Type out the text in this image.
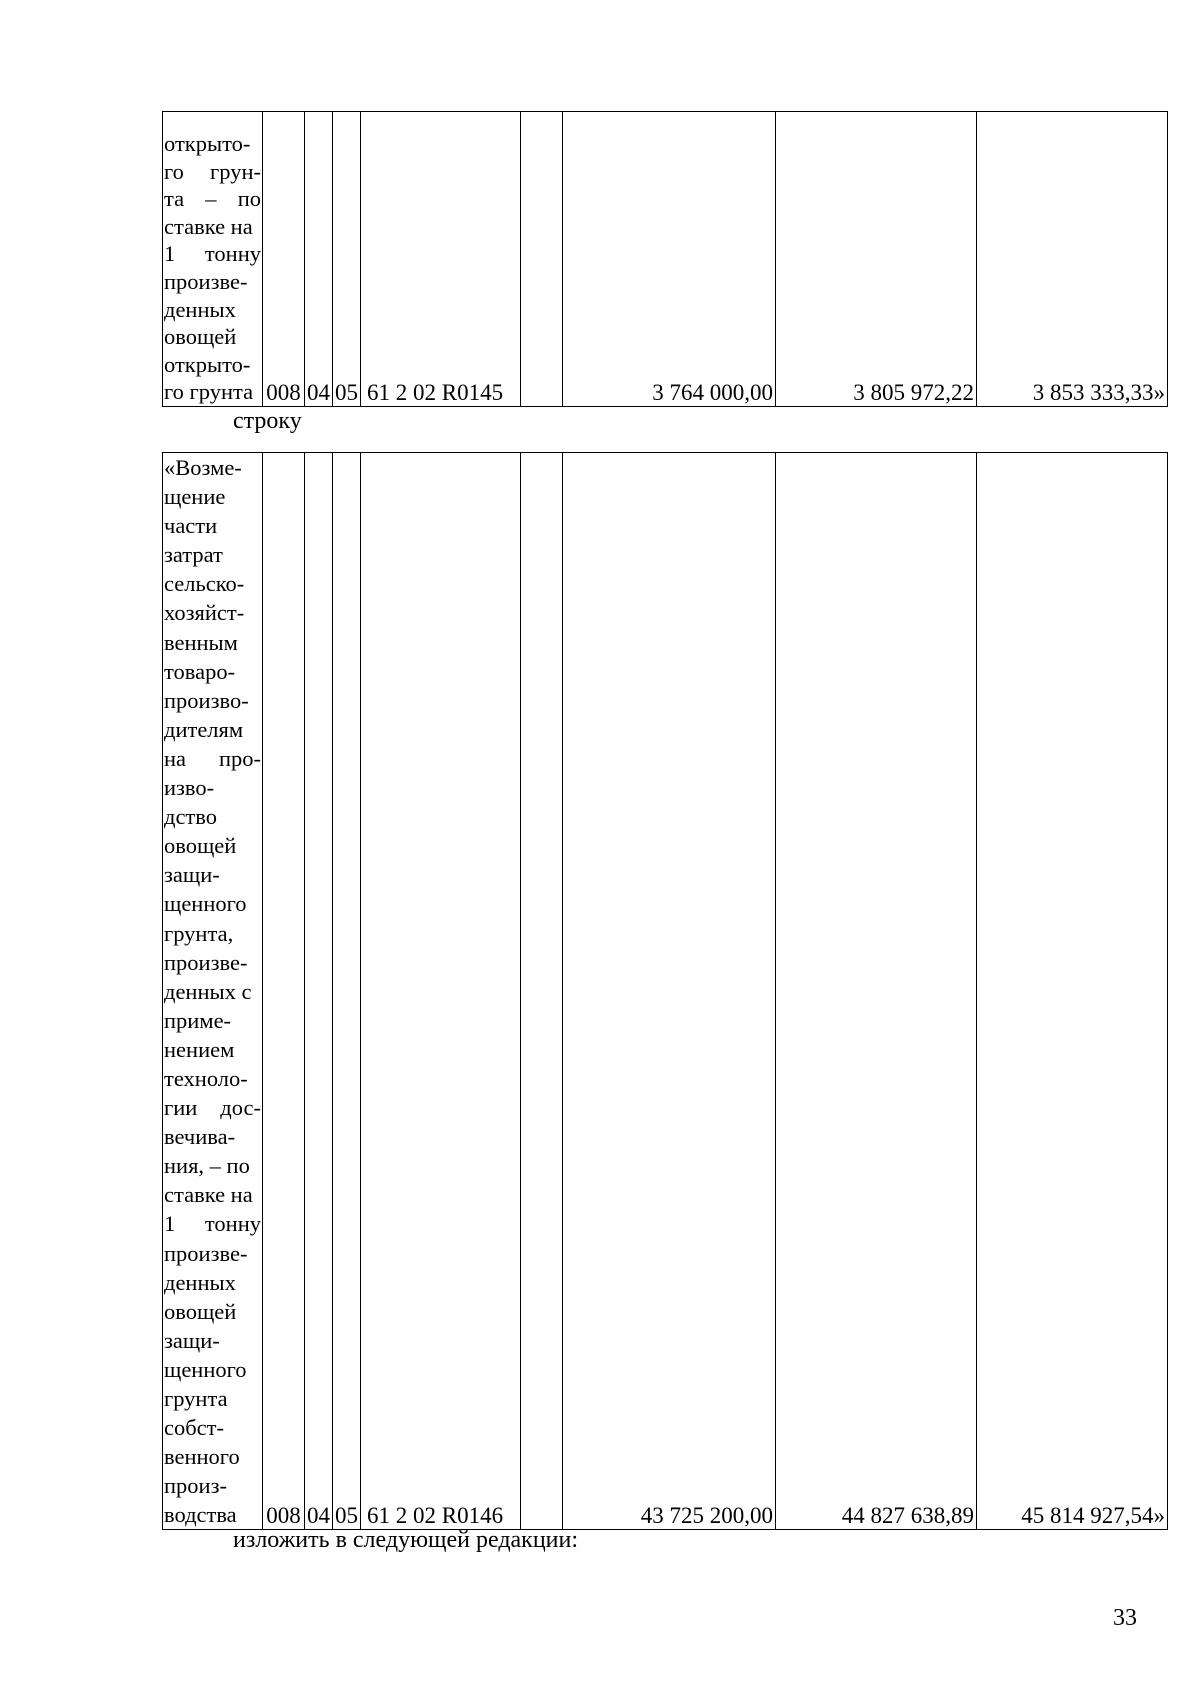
открыто-
го грун-
та – по
ставке на
1 тонну
произве-
денных
овощей
открыто-
го грунта	008	04	05	61 2 02 R0145		3 764 000,00	3 805 972,22	3 853 333,33»
строку
«Возме-
щение
части
затрат
сельско-
хозяйст-
венным
товаро-
произво-
дителям
на про-
изво-
дство
овощей
защи-
щенного
грунта,
произве-
денных с
приме-
нением
техноло-
гии дос-
вечива-
ния, – по
ставке на
1 тонну
произве-
денных
овощей
защи-
щенного
грунта
собст-
венного
произ-
водства	008	04	05	61 2 02 R0146		43 725 200,00	44 827 638,89	45 814 927,54»
изложить в следующей редакции:
33
